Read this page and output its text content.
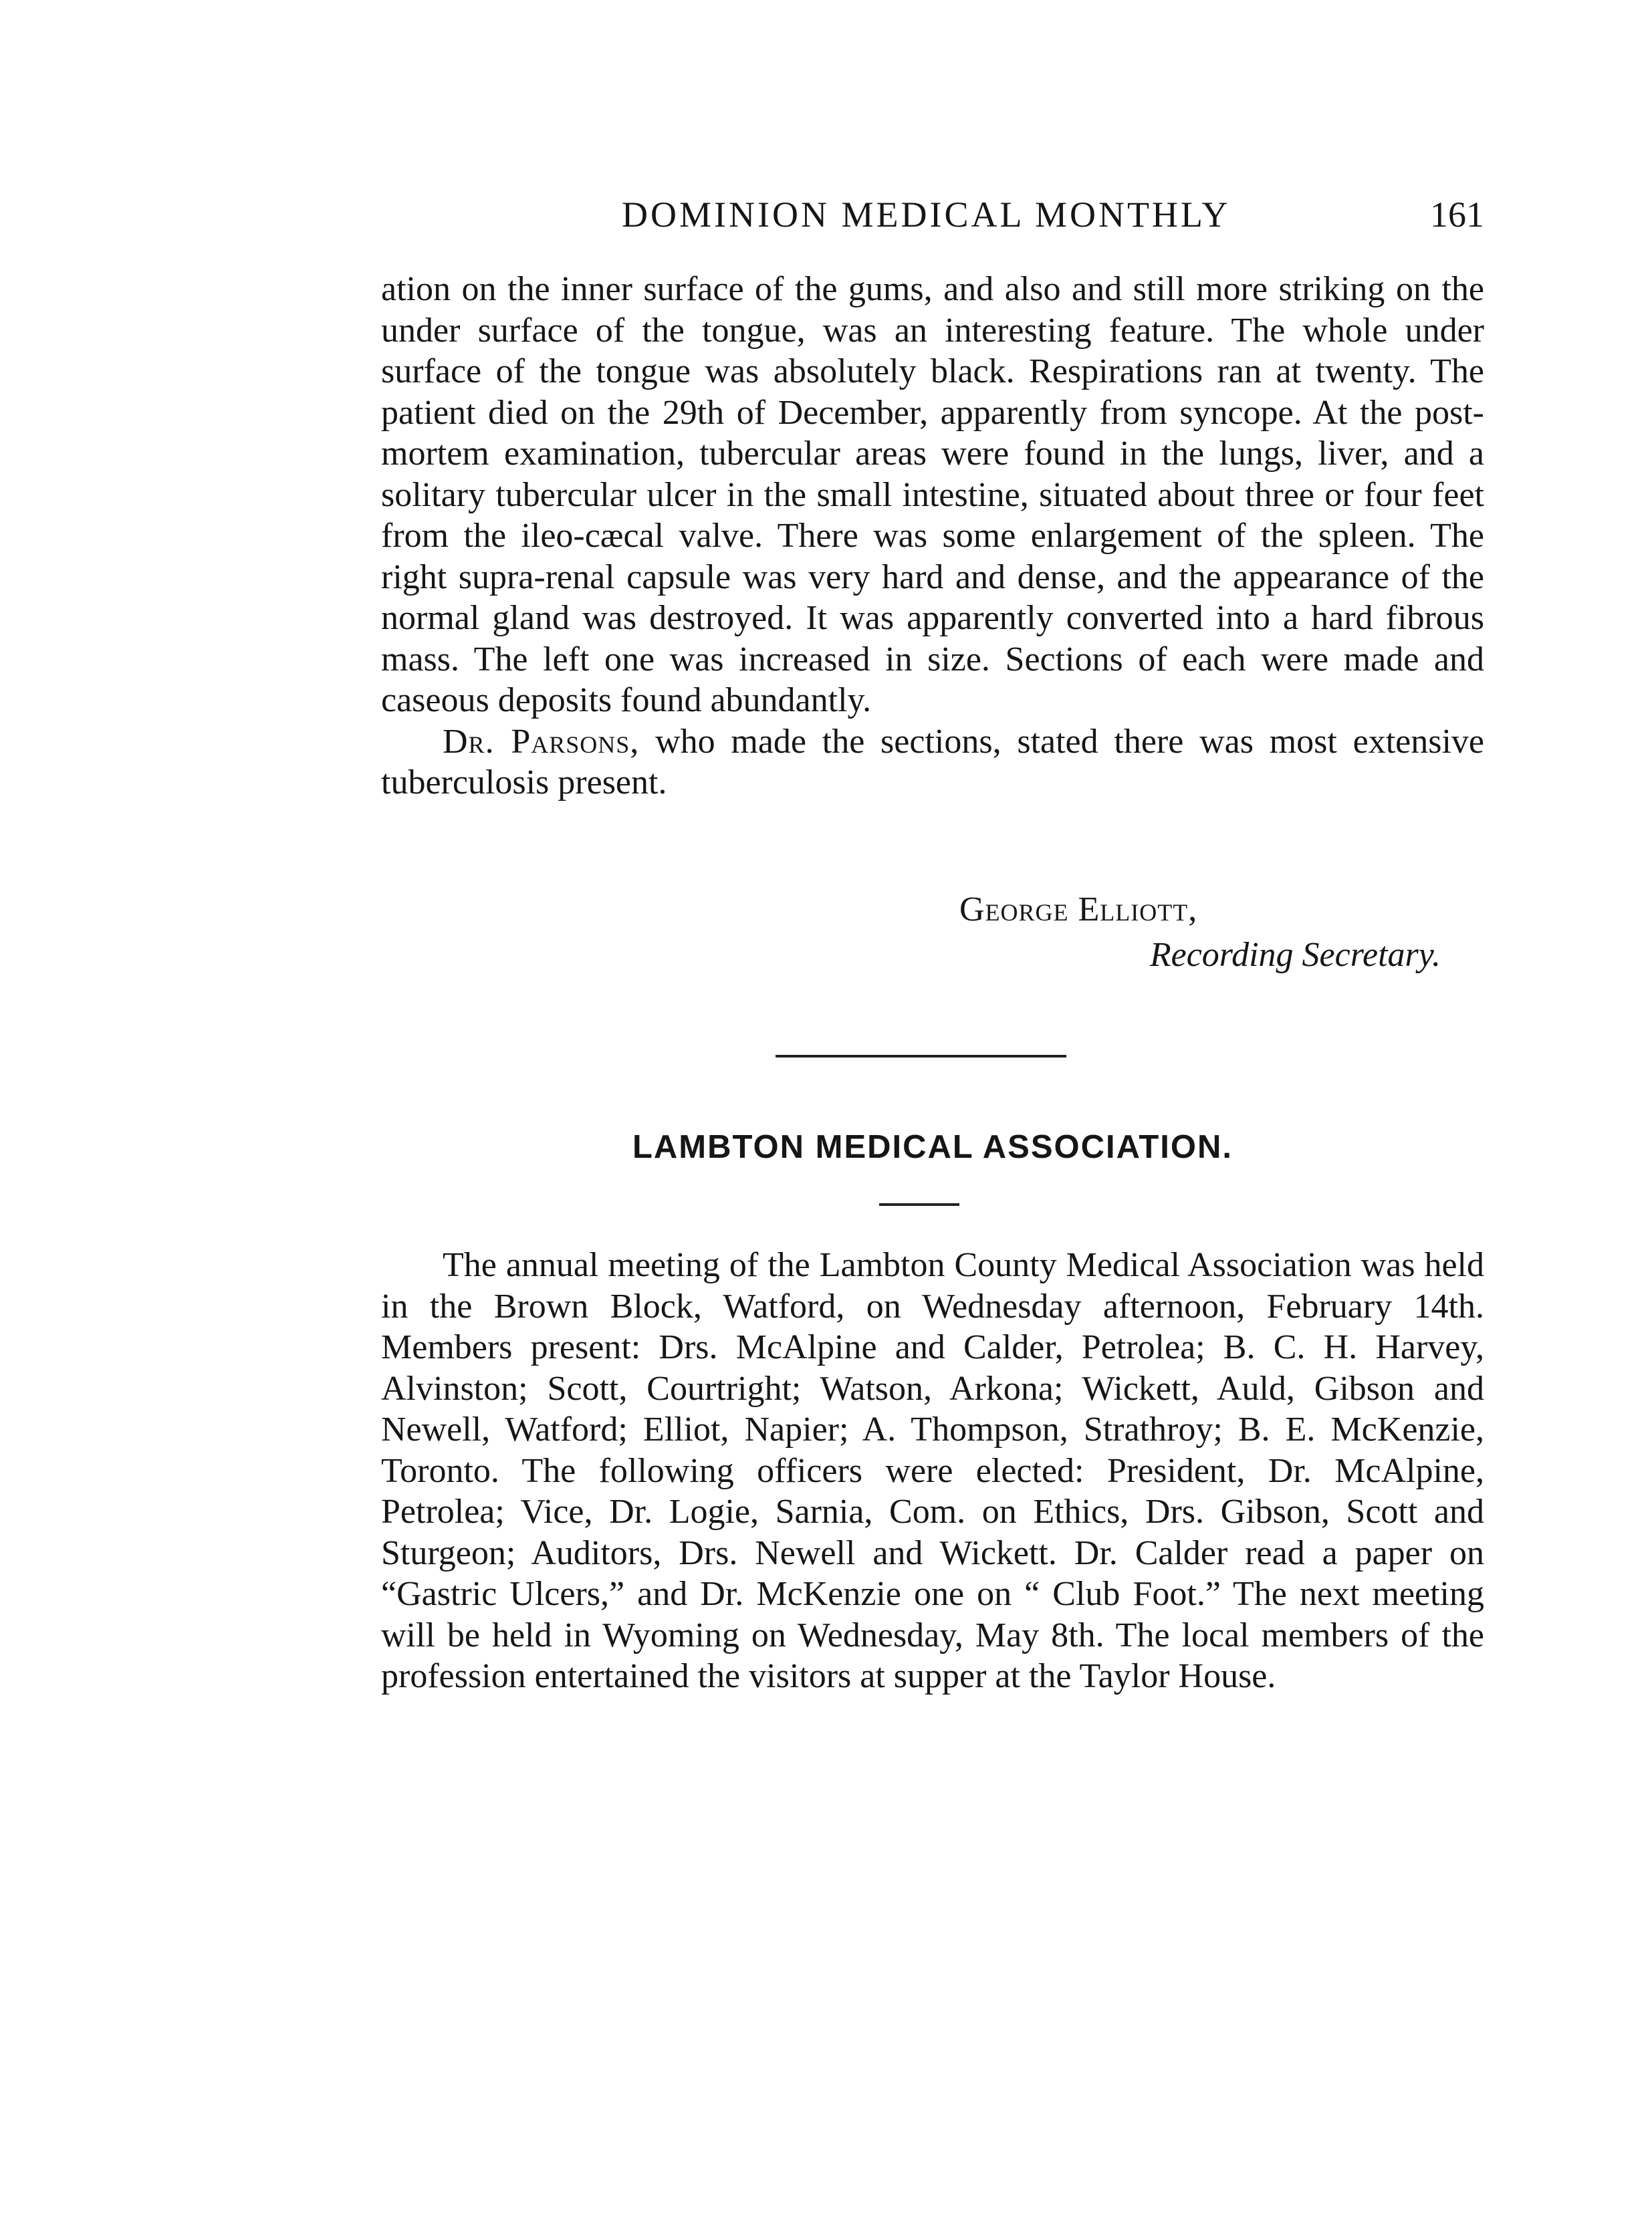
DOMINION MEDICAL MONTHLY	161

ation on the inner surface of the gums, and also and still more striking on the under surface of the tongue, was an interesting feature. The whole under surface of the tongue was absolutely black. Respirations ran at twenty. The patient died on the 29th of December, apparently from syncope. At the post-mortem examination, tubercular areas were found in the lungs, liver, and a solitary tubercular ulcer in the small intestine, situated about three or four feet from the ileo-cæcal valve. There was some enlargement of the spleen. The right supra-renal capsule was very hard and dense, and the appearance of the normal gland was destroyed. It was apparently converted into a hard fibrous mass. The left one was increased in size. Sections of each were made and caseous deposits found abundantly.

Dr. Parsons, who made the sections, stated there was most extensive tuberculosis present.

George Elliott,
Recording Secretary.
LAMBTON MEDICAL ASSOCIATION.

The annual meeting of the Lambton County Medical Association was held in the Brown Block, Watford, on Wednesday afternoon, February 14th. Members present: Drs. McAlpine and Calder, Petrolea; B. C. H. Harvey, Alvinston; Scott, Courtright; Watson, Arkona; Wickett, Auld, Gibson and Newell, Watford; Elliot, Napier; A. Thompson, Strathroy; B. E. McKenzie, Toronto. The following officers were elected: President, Dr. McAlpine, Petrolea; Vice, Dr. Logie, Sarnia, Com. on Ethics, Drs. Gibson, Scott and Sturgeon; Auditors, Drs. Newell and Wickett. Dr. Calder read a paper on “Gastric Ulcers,” and Dr. McKenzie one on “ Club Foot.” The next meeting will be held in Wyoming on Wednesday, May 8th. The local members of the profession entertained the visitors at supper at the Taylor House.
